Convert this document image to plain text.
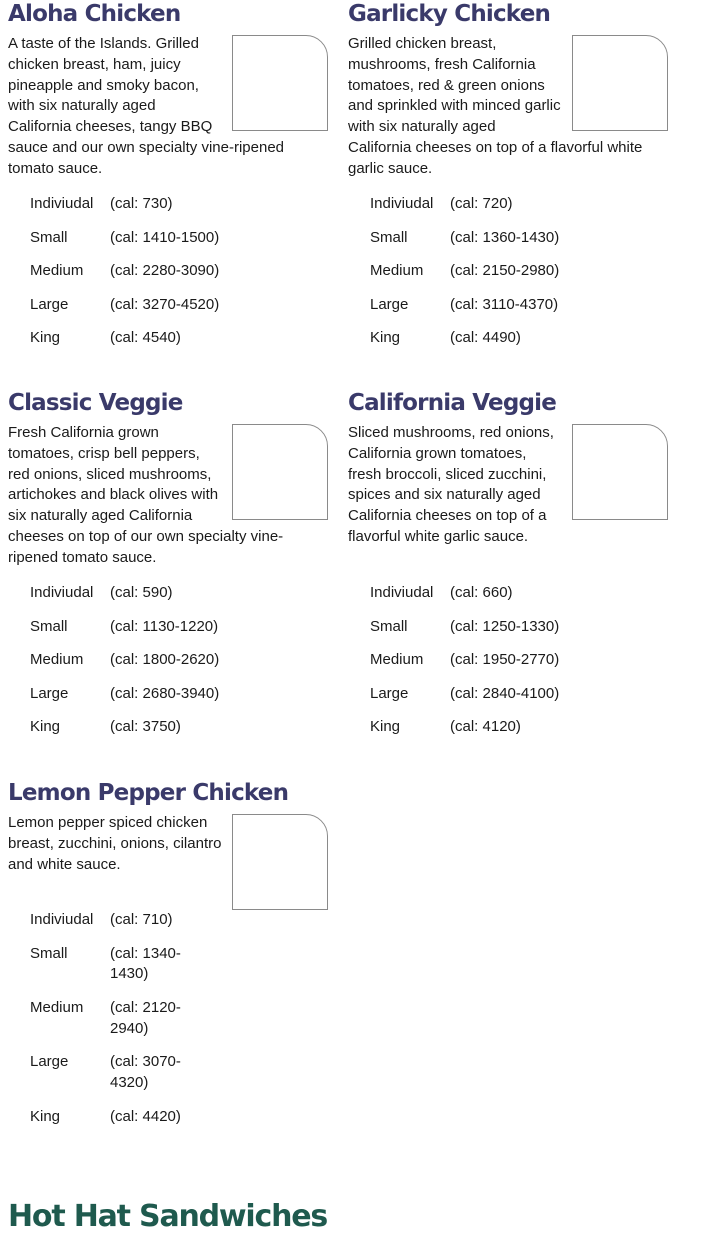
Aloha Chicken

A taste of the Islands. Grilled chicken breast, ham, juicy pineapple and smoky bacon, with six naturally aged California cheeses, tangy BBQ sauce and our own specialty vine-ripened tomato sauce.

Indiviudal	(cal: 730)
Small	(cal: 1410-1500)
Medium	(cal: 2280-3090)
Large	(cal: 3270-4520)
King	(cal: 4540)
Garlicky Chicken

Grilled chicken breast, mushrooms, fresh California tomatoes, red & green onions and sprinkled with minced garlic with six naturally aged California cheeses on top of a flavorful white garlic sauce.

Indiviudal	(cal: 720)
Small	(cal: 1360-1430)
Medium	(cal: 2150-2980)
Large	(cal: 3110-4370)
King	(cal: 4490)
Classic Veggie

Fresh California grown tomatoes, crisp bell peppers, red onions, sliced mushrooms, artichokes and black olives with six naturally aged California cheeses on top of our own specialty vine-ripened tomato sauce.

Indiviudal	(cal: 590)
Small	(cal: 1130-1220)
Medium	(cal: 1800-2620)
Large	(cal: 2680-3940)
King	(cal: 3750)
California Veggie

Sliced mushrooms, red onions, California grown tomatoes, fresh broccoli, sliced zucchini, spices and six naturally aged California cheeses on top of a flavorful white garlic sauce.

Indiviudal	(cal: 660)
Small	(cal: 1250-1330)
Medium	(cal: 1950-2770)
Large	(cal: 2840-4100)
King	(cal: 4120)
Lemon Pepper Chicken

Lemon pepper spiced chicken breast, zucchini, onions, cilantro and white sauce.

Indiviudal	(cal: 710)
Small	(cal: 1340-1430)
Medium	(cal: 2120-2940)
Large	(cal: 3070-4320)
King	(cal: 4420)
Hot Hat Sandwiches
